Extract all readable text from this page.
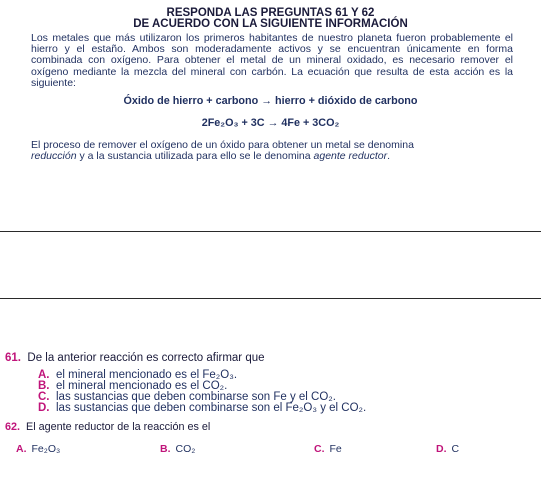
RESPONDA LAS PREGUNTAS 61 Y 62
DE ACUERDO CON LA SIGUIENTE INFORMACIÓN
Los metales que más utilizaron los primeros habitantes de nuestro planeta fueron probablemente el hierro y el estaño. Ambos son moderadamente activos y se encuentran únicamente en forma combinada con oxígeno. Para obtener el metal de un mineral oxidado, es necesario remover el oxígeno mediante la mezcla del mineral con carbón. La ecuación que resulta de esta acción es la siguiente:
Óxido de hierro + carbono → hierro + dióxido de carbono
2Fe₂O₃ + 3C → 4Fe + 3CO₂
El proceso de remover el oxígeno de un óxido para obtener un metal se denomina
reducción y a la sustancia utilizada para ello se le denomina agente reductor.
61. De la anterior reacción es correcto afirmar que
A. el mineral mencionado es el Fe₂O₃.
B. el mineral mencionado es el CO₂.
C. las sustancias que deben combinarse son Fe y el CO₂.
D. las sustancias que deben combinarse son el Fe₂O₃ y el CO₂.
62. El agente reductor de la reacción es el
A. Fe₂O₃	B. CO₂	C. Fe	D. C
